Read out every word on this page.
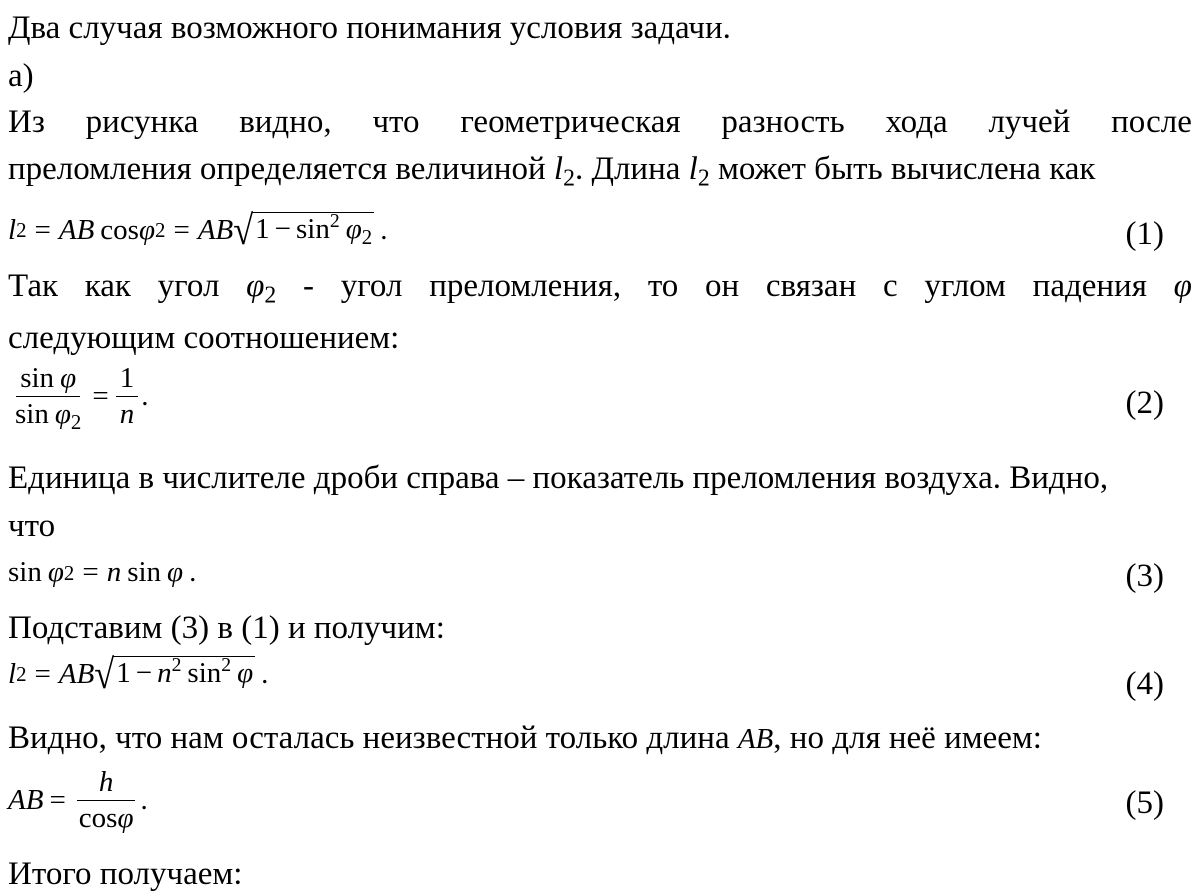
Два случая возможного понимания условия задачи.
а)
Из рисунка видно, что геометрическая разность хода лучей после
преломления определяется величиной $l_2$. Длина $l_2$ может быть вычислена как
l 2 = AB cos φ 2 = AB √ $1 - \sin^2 \varphi_2$ .	(1)
Так как угол $\varphi_2$ - угол преломления, то он связан с углом падения φ
следующим соотношением:
$\frac{\text{sin φ}}{\sin \varphi_2} = \frac{1}{n}$ .	(2)
Единица в числителе дроби справа – показатель преломления воздуха. Видно,
что
sin φ 2 = n sin φ .	(3)
Подставим (3) в (1) и получим:
l 2 = AB √ $1 - n^2$ $\sin^2 \varphi$ .	(4)
Видно, что нам осталась неизвестной только длина AB, но для неё имеем:
AB = $\frac{h}{\cos\varphi}$ .	(5)
Итого получаем:
